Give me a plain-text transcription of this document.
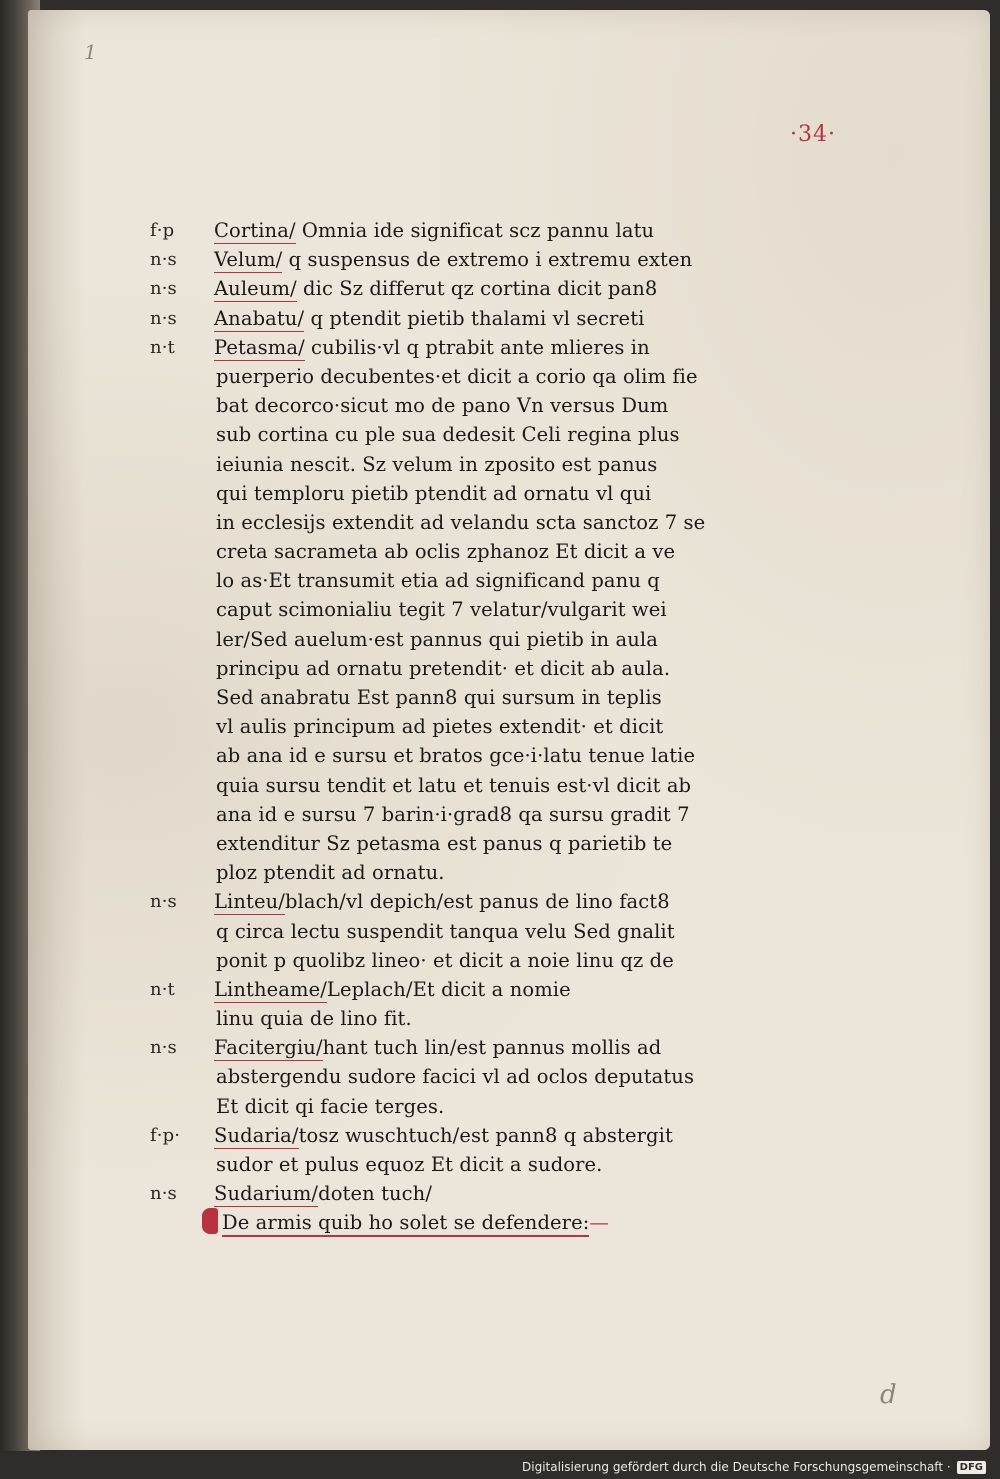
1
·34·
f·p	Cortina/ Omnia ide significat scz pannu latu
n·s	Velum/ q suspensus de extremo i extremu exten
n·s	Auleum/ dic Sz differut qz cortina dicit pan8
n·s	Anabatu/ q ptendit pietib thalami vl secreti
n·t	Petasma/ cubilis·vl q ptrabit ante mlieres in
puerperio decubentes·et dicit a corio qa olim fie
bat decorco·sicut mo de pano Vn versus Dum
sub cortina cu ple sua dedesit Celi regina plus
ieiunia nescit. Sz velum in zposito est panus
qui temploru pietib ptendit ad ornatu vl qui
in ecclesijs extendit ad velandu scta sanctoz 7 se
creta sacrameta ab oclis zphanoz Et dicit a ve
lo as·Et transumit etia ad significand panu q
caput scimonialiu tegit 7 velatur/vulgarit wei
ler/Sed auelum·est pannus qui pietib in aula
principu ad ornatu pretendit· et dicit ab aula.
Sed anabratu Est pann8 qui sursum in teplis
vl aulis principum ad pietes extendit· et dicit
ab ana id e sursu et bratos gce·i·latu tenue latie
quia sursu tendit et latu et tenuis est·vl dicit ab
ana id e sursu 7 barin·i·grad8 qa sursu gradit 7
extenditur Sz petasma est panus q parietib te
ploz ptendit ad ornatu.
n·s	Linteu/blach/vl depich/est panus de lino fact8
q circa lectu suspendit tanqua velu Sed gnalit
ponit p quolibz lineo· et dicit a noie linu qz de
n·t	Lintheame/Leplach/Et dicit a nomie
linu quia de lino fit.
n·s	Facitergiu/hant tuch lin/est pannus mollis ad
abstergendu sudore facici vl ad oclos deputatus
Et dicit qi facie terges.
f·p·	Sudaria/tosz wuschtuch/est pann8 q abstergit
sudor et pulus equoz Et dicit a sudore.
n·s	Sudarium/doten tuch/
De armis quib ho solet se defendere:—
d
Digitalisierung gefördert durch die Deutsche Forschungsgemeinschaft · DFG
